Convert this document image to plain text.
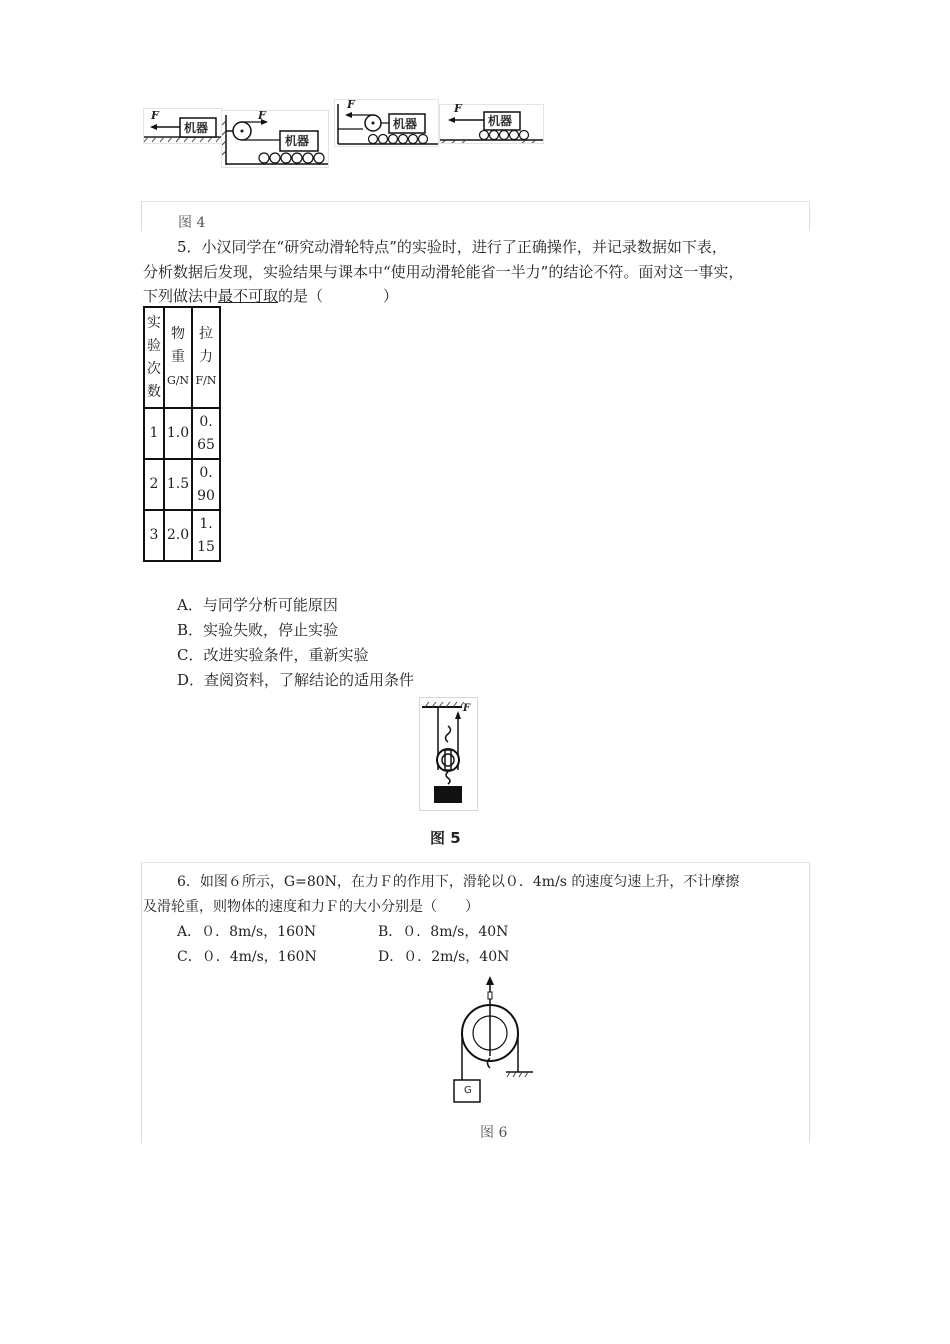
F
机器
F
机器
F
机器
F
机器
图 4
5．小汉同学在“研究动滑轮特点”的实验时，进行了正确操作，并记录数据如下表，
分析数据后发现，实验结果与课本中“使用动滑轮能省一半力”的结论不符。面对这一事实，
下列做法中最不可取的是（　　　　）
实
验
次
数	物
重
G/N	拉
力
F/N

1	1.0	0.
65

2	1.5	0.
90

3	2.0	1.
15
A．与同学分析可能原因
B．实验失败，停止实验
C．改进实验条件，重新实验
D．查阅资料，了解结论的适用条件
F
图 5
6．如图６所示，G=80N，在力Ｆ的作用下，滑轮以０．4m/s 的速度匀速上升，不计摩擦
及滑轮重，则物体的速度和力Ｆ的大小分别是（　　）
A．０．8m/s，160N	B．０．8m/s，40N
C．０．4m/s，160N	D．０．2m/s，40N
G
图 6
